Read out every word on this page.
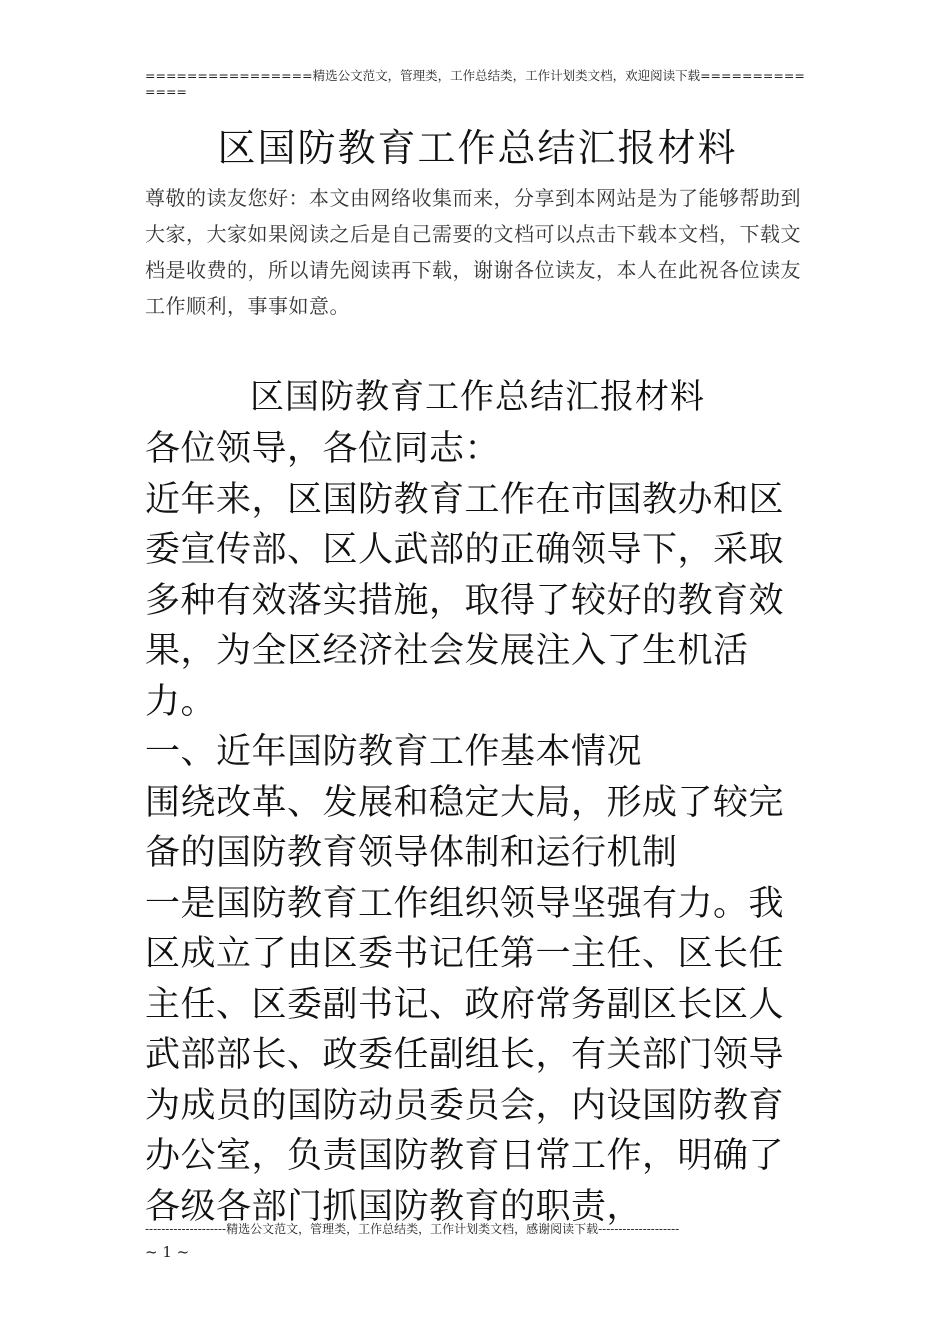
================精选公文范文，管理类，工作总结类，工作计划类文档，欢迎阅读下载==============
区国防教育工作总结汇报材料
尊敬的读友您好：本文由网络收集而来，分享到本网站是为了能够帮助到大家，大家如果阅读之后是自己需要的文档可以点击下载本文档，下载文档是收费的，所以请先阅读再下载，谢谢各位读友，本人在此祝各位读友工作顺利，事事如意。
区国防教育工作总结汇报材料

各位领导，各位同志：

近年来，区国防教育工作在市国教办和区委宣传部、区人武部的正确领导下，采取多种有效落实措施，取得了较好的教育效果，为全区经济社会发展注入了生机活力。

一、近年国防教育工作基本情况

围绕改革、发展和稳定大局，形成了较完备的国防教育领导体制和运行机制

一是国防教育工作组织领导坚强有力。我区成立了由区委书记任第一主任、区长任主任、区委副书记、政府常务副区长区人武部部长、政委任副组长，有关部门领导为成员的国防动员委员会，内设国防教育办公室，负责国防教育日常工作，明确了各级各部门抓国防教育的职责，

--------------------精选公文范文，管理类，工作总结类，工作计划类文档，感谢阅读下载--------------------
~ 1 ~
